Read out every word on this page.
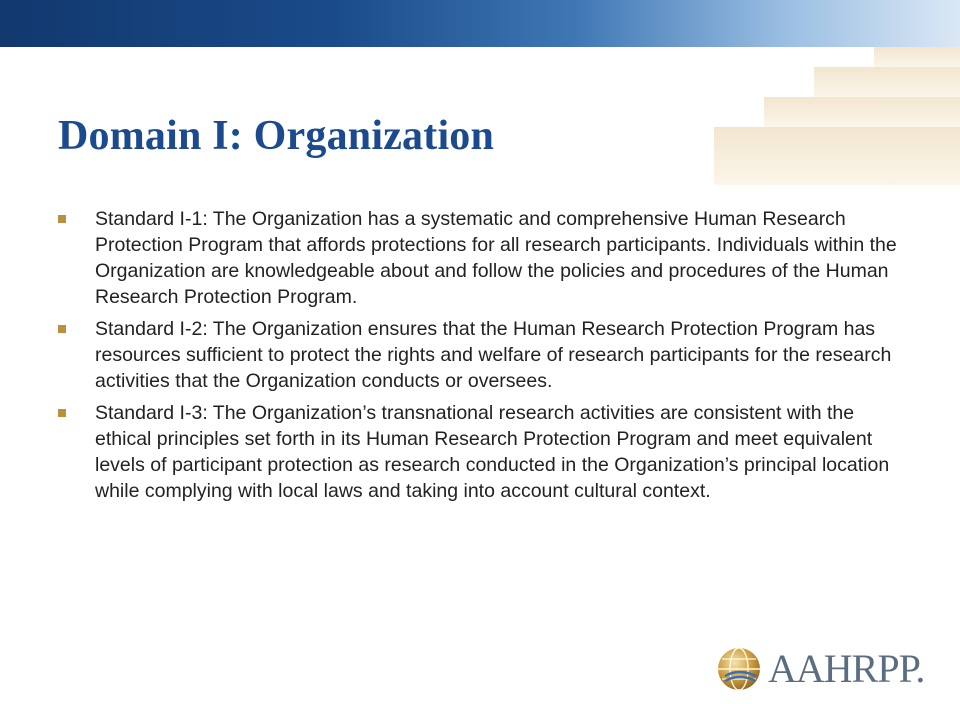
Domain I: Organization
Standard I-1: The Organization has a systematic and comprehensive Human Research Protection Program that affords protections for all research participants. Individuals within the Organization are knowledgeable about and follow the policies and procedures of the Human Research Protection Program.
Standard I-2: The Organization ensures that the Human Research Protection Program has resources sufficient to protect the rights and welfare of research participants for the research activities that the Organization conducts or oversees.
Standard I-3: The Organization’s transnational research activities are consistent with the ethical principles set forth in its Human Research Protection Program and meet equivalent levels of participant protection as research conducted in the Organization’s principal location while complying with local laws and taking into account cultural context.
AAHRPP.
